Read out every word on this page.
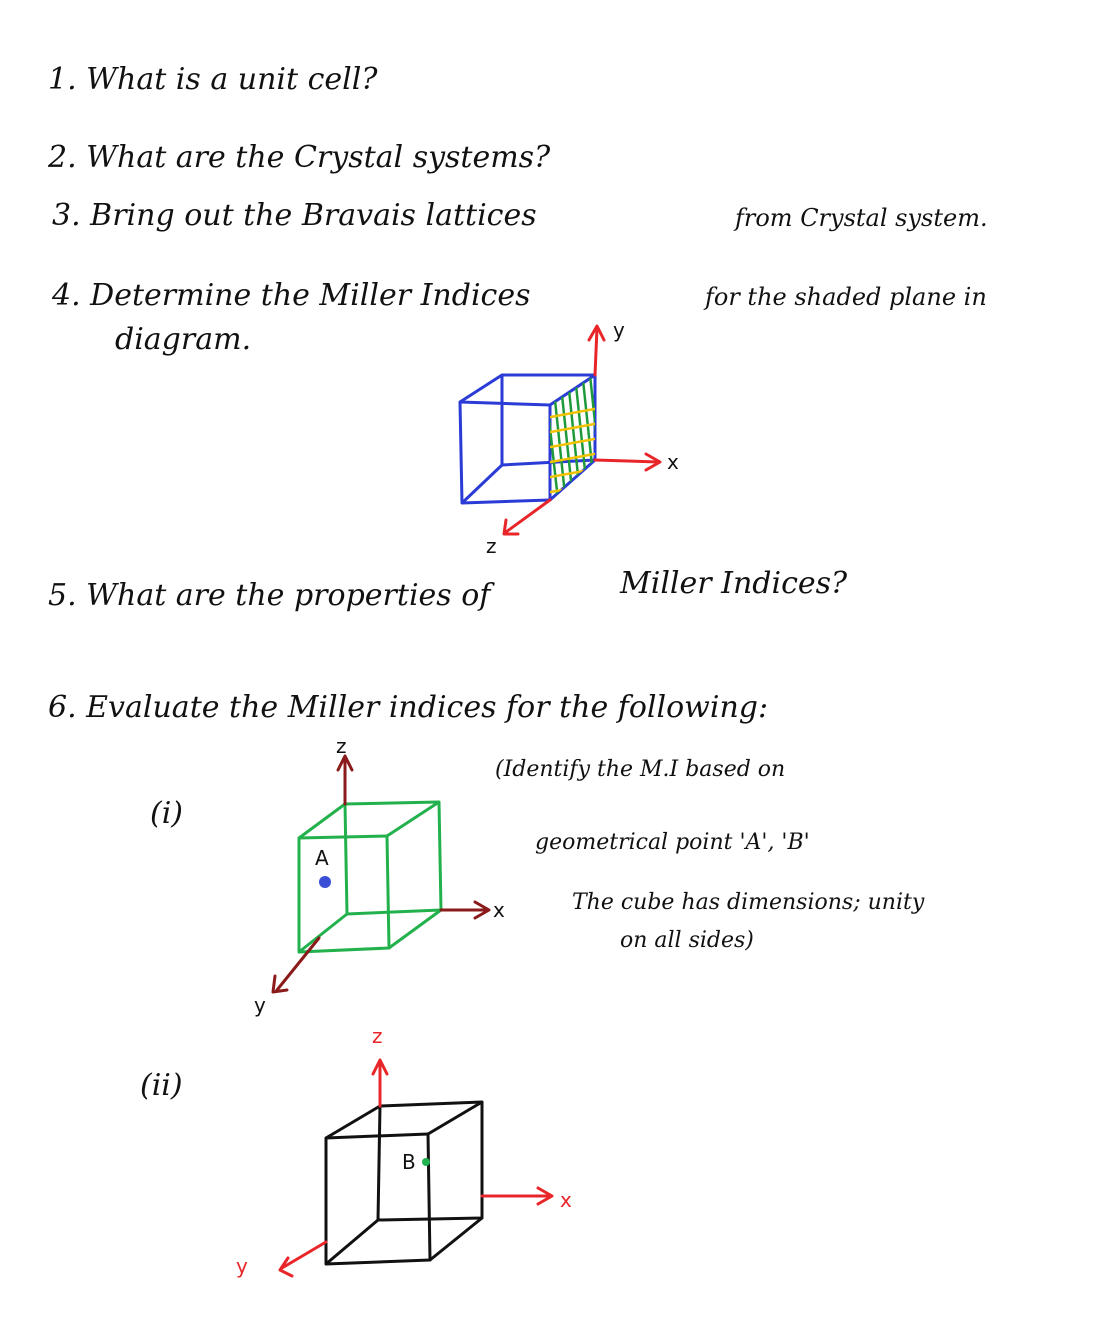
1. What is a unit cell?
2. What are the Crystal systems?
3. Bring out the Bravais lattices	from Crystal system.
4. Determine the Miller Indices	for the shaded plane in
diagram.	y
x
z
5. What are the properties of	Miller Indices?
6. Evaluate the Miller indices for the following:
(i)
z
x
y
A
(Identify the M.I based on
geometrical point 'A', 'B'
The cube has dimensions; unity
on all sides)
(ii)
z
x
y
B
